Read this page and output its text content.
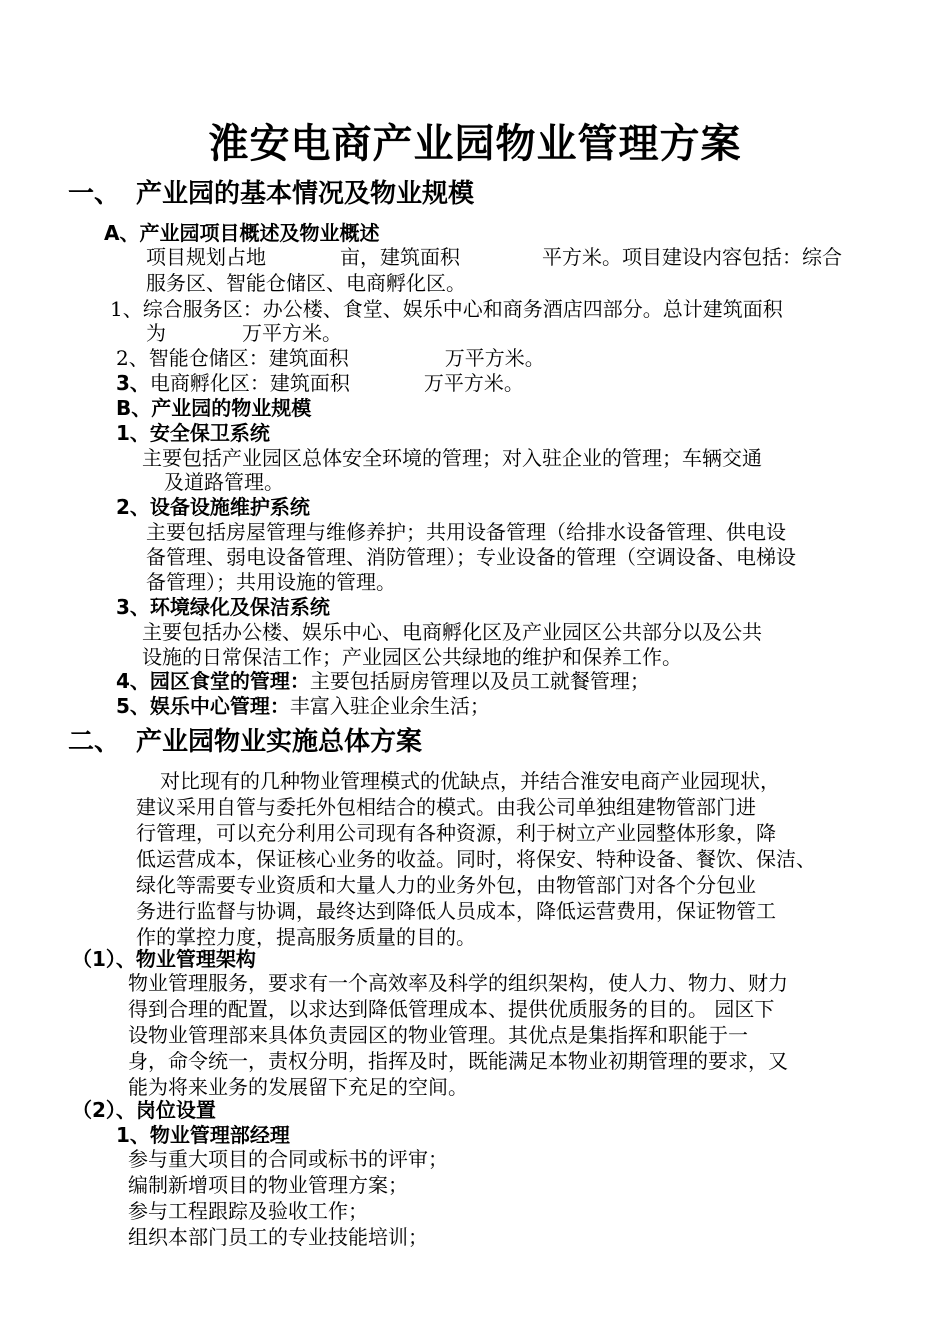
淮安电商产业园物业管理方案
一、 产业园的基本情况及物业规模
A、产业园项目概述及物业概述
项目规划占地	亩，建筑面积	平方米。项目建设内容包括：综合
服务区、智能仓储区、电商孵化区。
1、综合服务区：办公楼、食堂、娱乐中心和商务酒店四部分。总计建筑面积
为	万平方米。
2、智能仓储区：建筑面积	万平方米。
3、电商孵化区：建筑面积	万平方米。
B、产业园的物业规模
1、安全保卫系统
主要包括产业园区总体安全环境的管理；对入驻企业的管理；车辆交通
及道路管理。
2、设备设施维护系统
主要包括房屋管理与维修养护；共用设备管理（给排水设备管理、供电设
备管理、弱电设备管理、消防管理）；专业设备的管理（空调设备、电梯设
备管理）；共用设施的管理。
3、环境绿化及保洁系统
主要包括办公楼、娱乐中心、电商孵化区及产业园区公共部分以及公共
设施的日常保洁工作；产业园区公共绿地的维护和保养工作。
4、园区食堂的管理：主要包括厨房管理以及员工就餐管理；
5、娱乐中心管理：丰富入驻企业余生活；
二、 产业园物业实施总体方案
对比现有的几种物业管理模式的优缺点，并结合淮安电商产业园现状，
建议采用自管与委托外包相结合的模式。由我公司单独组建物管部门进
行管理，可以充分利用公司现有各种资源，利于树立产业园整体形象，降
低运营成本，保证核心业务的收益。同时，将保安、特种设备、餐饮、保洁、
绿化等需要专业资质和大量人力的业务外包，由物管部门对各个分包业
务进行监督与协调，最终达到降低人员成本，降低运营费用，保证物管工
作的掌控力度，提高服务质量的目的。
（1）、物业管理架构
物业管理服务，要求有一个高效率及科学的组织架构，使人力、物力、财力
得到合理的配置，以求达到降低管理成本、提供优质服务的目的。 园区下
设物业管理部来具体负责园区的物业管理。其优点是集指挥和职能于一
身，命令统一，责权分明，指挥及时，既能满足本物业初期管理的要求，又
能为将来业务的发展留下充足的空间。
（2）、岗位设置
1、物业管理部经理
参与重大项目的合同或标书的评审；
编制新增项目的物业管理方案；
参与工程跟踪及验收工作；
组织本部门员工的专业技能培训；
